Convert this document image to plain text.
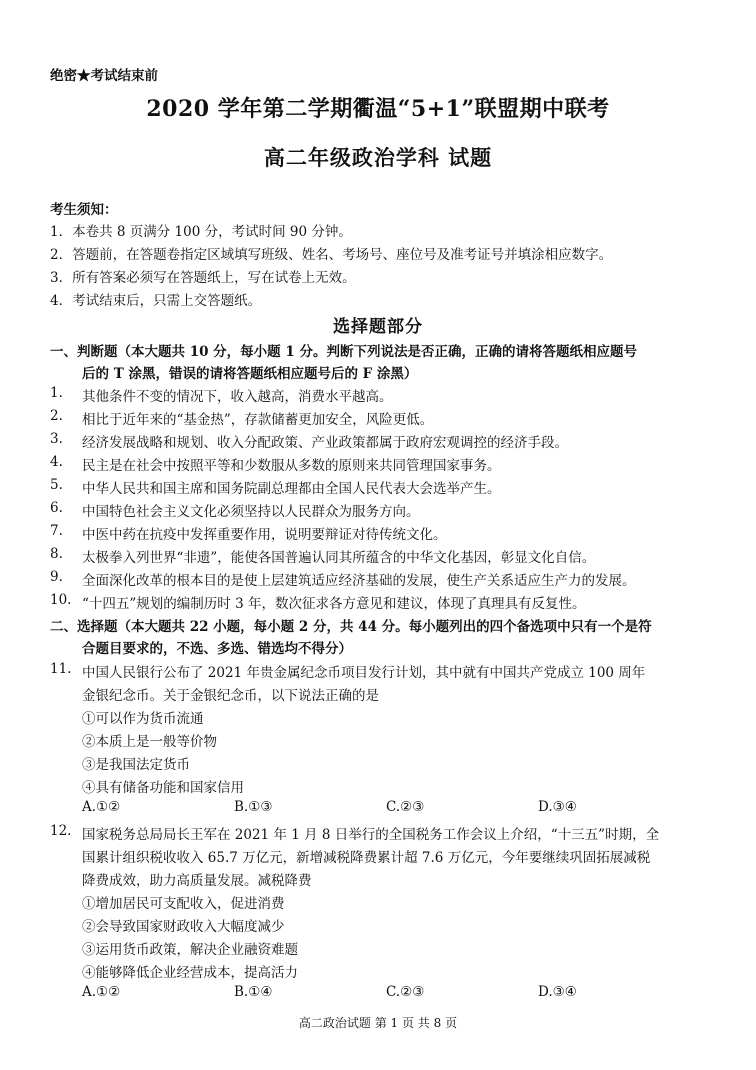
绝密★考试结束前
2020 学年第二学期衢温“5+1”联盟期中联考
高二年级政治学科 试题
考生须知：
1．本卷共 8 页满分 100 分，考试时间 90 分钟。
2．答题前，在答题卷指定区域填写班级、姓名、考场号、座位号及准考证号并填涂相应数字。
3．所有答案必须写在答题纸上，写在试卷上无效。
4．考试结束后，只需上交答题纸。
选择题部分
一、判断题（本大题共 10 分，每小题 1 分。判断下列说法是否正确，正确的请将答题纸相应题号
后的 T 涂黑，错误的请将答题纸相应题号后的 F 涂黑）
1. 其他条件不变的情况下，收入越高，消费水平越高。
2. 相比于近年来的“基金热”，存款储蓄更加安全，风险更低。
3. 经济发展战略和规划、收入分配政策、产业政策都属于政府宏观调控的经济手段。
4. 民主是在社会中按照平等和少数服从多数的原则来共同管理国家事务。
5. 中华人民共和国主席和国务院副总理都由全国人民代表大会选举产生。
6. 中国特色社会主义文化必须坚持以人民群众为服务方向。
7. 中医中药在抗疫中发挥重要作用，说明要辩证对待传统文化。
8. 太极拳入列世界“非遗”，能使各国普遍认同其所蕴含的中华文化基因，彰显文化自信。
9. 全面深化改革的根本目的是使上层建筑适应经济基础的发展，使生产关系适应生产力的发展。
10. “十四五”规划的编制历时 3 年，数次征求各方意见和建议，体现了真理具有反复性。
二、选择题（本大题共 22 小题，每小题 2 分，共 44 分。每小题列出的四个备选项中只有一个是符
合题目要求的，不选、多选、错选均不得分）
11. 中国人民银行公布了 2021 年贵金属纪念币项目发行计划，其中就有中国共产党成立 100 周年
金银纪念币。关于金银纪念币，以下说法正确的是
①可以作为货币流通
②本质上是一般等价物
③是我国法定货币
④具有储备功能和国家信用
A.①②	B.①③	C.②③	D.③④
12. 国家税务总局局长王军在 2021 年 1 月 8 日举行的全国税务工作会议上介绍，“十三五”时期，全
国累计组织税收收入 65.7 万亿元，新增减税降费累计超 7.6 万亿元，今年要继续巩固拓展减税
降费成效，助力高质量发展。减税降费
①增加居民可支配收入，促进消费
②会导致国家财政收入大幅度减少
③运用货币政策，解决企业融资难题
④能够降低企业经营成本，提高活力
A.①②	B.①④	C.②③	D.③④
高二政治试题 第 1 页 共 8 页
